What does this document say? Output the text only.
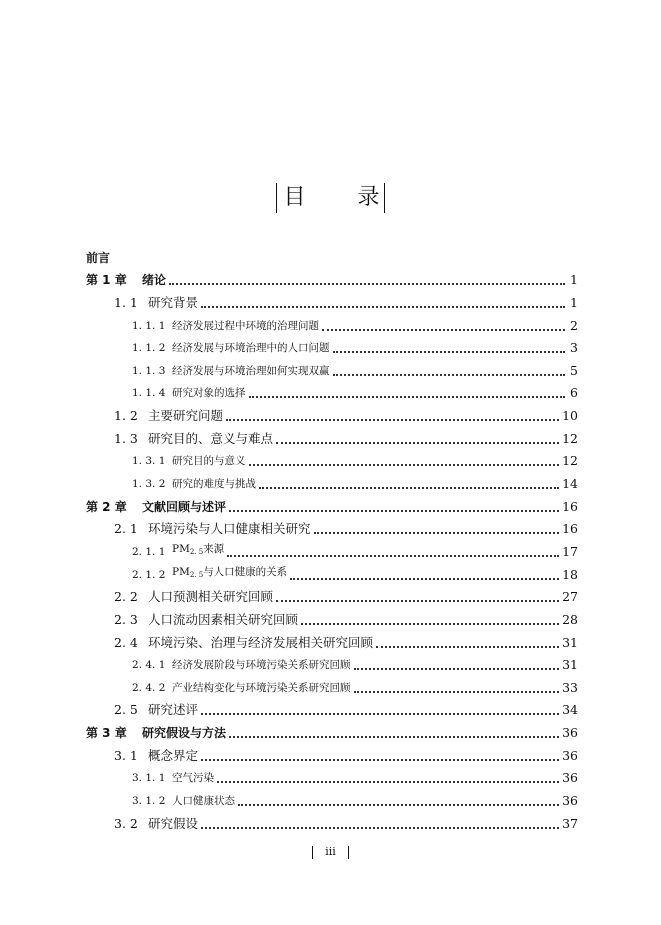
目 录
前言
第 1 章	绪论	1
1. 1 研究背景	1
1. 1. 1 经济发展过程中环境的治理问题	2
1. 1. 2 经济发展与环境治理中的人口问题	3
1. 1. 3 经济发展与环境治理如何实现双赢	5
1. 1. 4 研究对象的选择	6
1. 2 主要研究问题	10
1. 3 研究目的、意义与难点	12
1. 3. 1 研究目的与意义	12
1. 3. 2 研究的难度与挑战	14
第 2 章	文献回顾与述评	16
2. 1 环境污染与人口健康相关研究	16
2. 1. 1 $PM_{2. 5}$来源	17
2. 1. 2 $PM_{2. 5}$与人口健康的关系	18
2. 2 人口预测相关研究回顾	27
2. 3 人口流动因素相关研究回顾	28
2. 4 环境污染、治理与经济发展相关研究回顾	31
2. 4. 1 经济发展阶段与环境污染关系研究回顾	31
2. 4. 2 产业结构变化与环境污染关系研究回顾	33
2. 5 研究述评	34
第 3 章	研究假设与方法	36
3. 1 概念界定	36
3. 1. 1 空气污染	36
3. 1. 2 人口健康状态	36
3. 2 研究假设	37
iii
